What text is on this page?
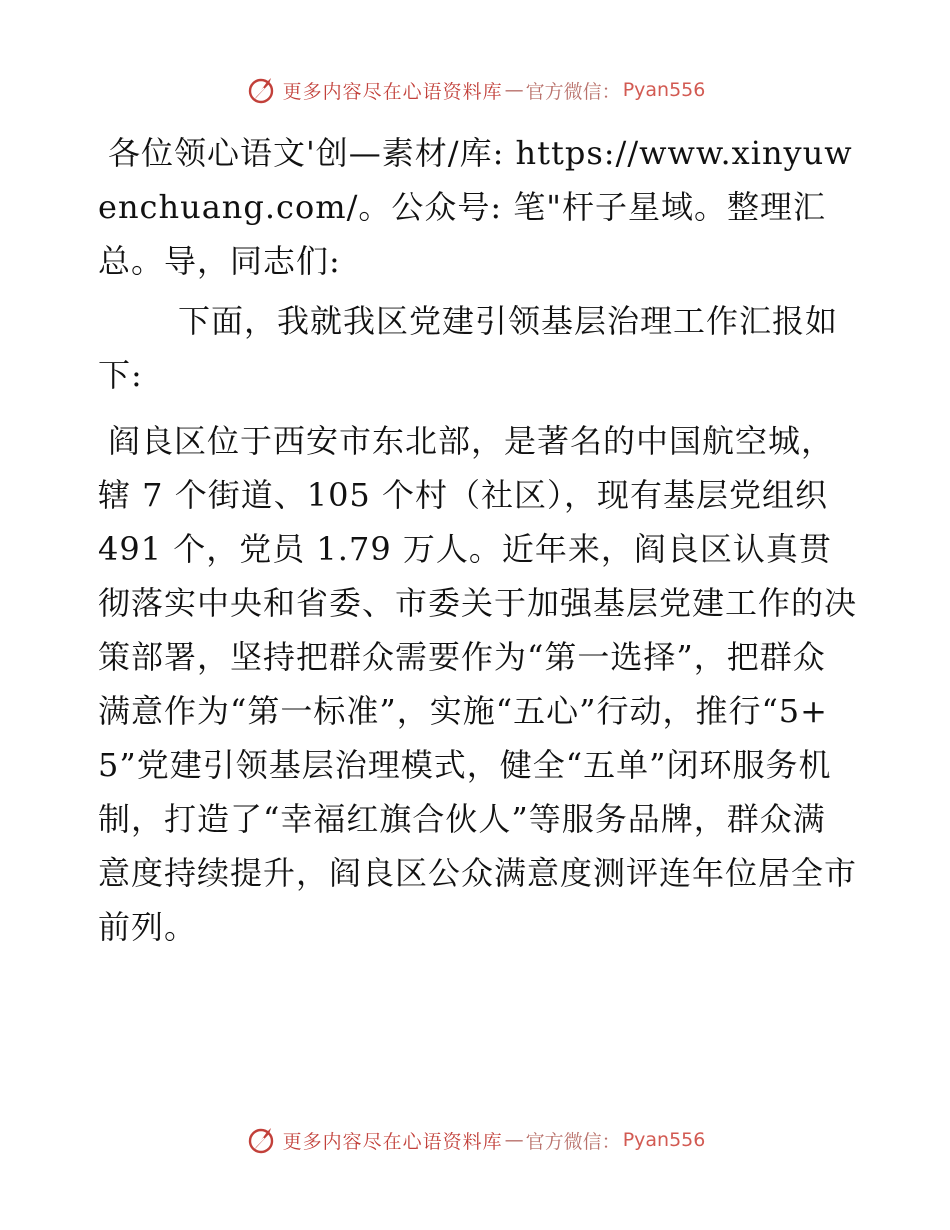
更多内容尽在心语资料库 — 官方微信： Pyan556

各位领心语文'创—素材/库: https://www.xinyuwenchuang.com/。公众号: 笔"杆子星域。整理汇总。导，同志们:

下面，我就我区党建引领基层治理工作汇报如下:

阎良区位于西安市东北部，是著名的中国航空城，辖 7 个街道、105 个村（社区），现有基层党组织 491 个，党员 1.79 万人。近年来，阎良区认真贯彻落实中央和省委、市委关于加强基层党建工作的决策部署，坚持把群众需要作为“第一选择”，把群众满意作为“第一标准”，实施“五心”行动，推行“5+5”党建引领基层治理模式，健全“五单”闭环服务机制，打造了“幸福红旗合伙人”等服务品牌，群众满意度持续提升，阎良区公众满意度测评连年位居全市前列。

更多内容尽在心语资料库 — 官方微信： Pyan556
